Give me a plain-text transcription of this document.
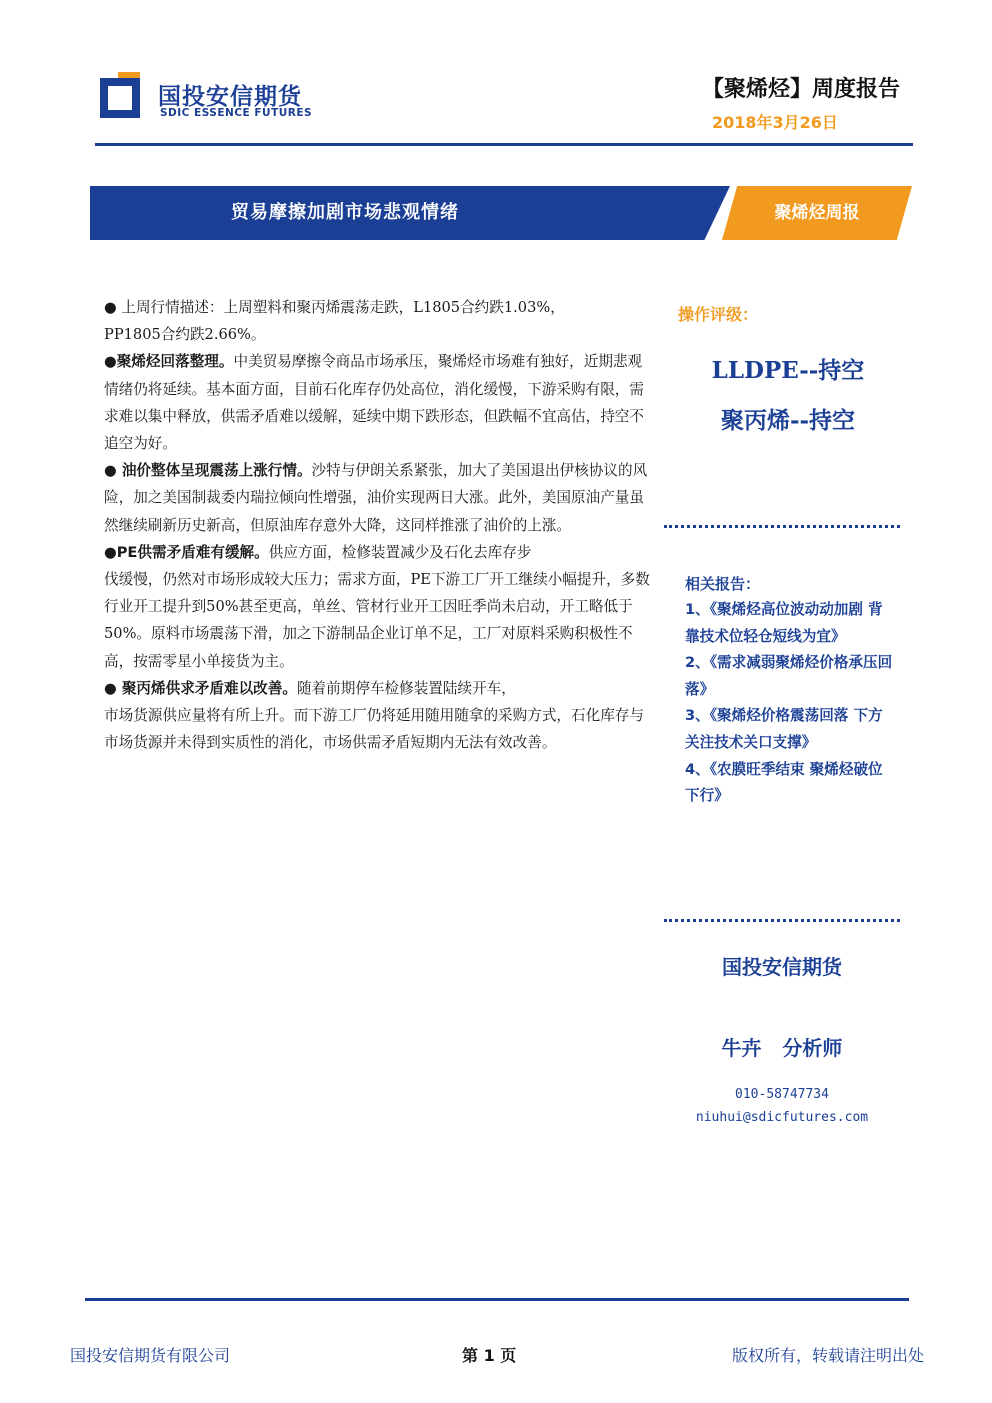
国投安信期货
SDIC ESSENCE FUTURES
【聚烯烃】周度报告
2018年3月26日
贸易摩擦加剧市场悲观情绪	聚烯烃周报

● 上周行情描述：上周塑料和聚丙烯震荡走跌，L1805合约跌1.03%，
PP1805合约跌2.66%。

●聚烯烃回落整理。中美贸易摩擦令商品市场承压，聚烯烃市场难有独好，近期悲观情绪仍将延续。基本面方面，目前石化库存仍处高位，消化缓慢，下游采购有限，需求难以集中释放，供需矛盾难以缓解，延续中期下跌形态，但跌幅不宜高估，持空不追空为好。

● 油价整体呈现震荡上涨行情。沙特与伊朗关系紧张，加大了美国退出伊核协议的风险，加之美国制裁委内瑞拉倾向性增强，油价实现两日大涨。此外，美国原油产量虽然继续刷新历史新高，但原油库存意外大降，这同样推涨了油价的上涨。

●PE供需矛盾难有缓解。供应方面，检修装置减少及石化去库存步
伐缓慢，仍然对市场形成较大压力；需求方面，PE下游工厂开工继续小幅提升，多数行业开工提升到50%甚至更高，单丝、管材行业开工因旺季尚未启动，开工略低于50%。原料市场震荡下滑，加之下游制品企业订单不足，工厂对原料采购积极性不高，按需零星小单接货为主。

● 聚丙烯供求矛盾难以改善。随着前期停车检修装置陆续开车，
市场货源供应量将有所上升。而下游工厂仍将延用随用随拿的采购方式，石化库存与市场货源并未得到实质性的消化，市场供需矛盾短期内无法有效改善。

操作评级：
LLDPE--持空
聚丙烯--持空
相关报告：
1、《聚烯烃高位波动动加剧 背靠技术位轻仓短线为宜》
2、《需求减弱聚烯烃价格承压回落》
3、《聚烯烃价格震荡回落 下方关注技术关口支撑》
4、《农膜旺季结束 聚烯烃破位下行》
国投安信期货
牛卉   分析师
010-58747734
niuhui@sdicfutures.com
国投安信期货有限公司	第 1 页	版权所有，转载请注明出处
